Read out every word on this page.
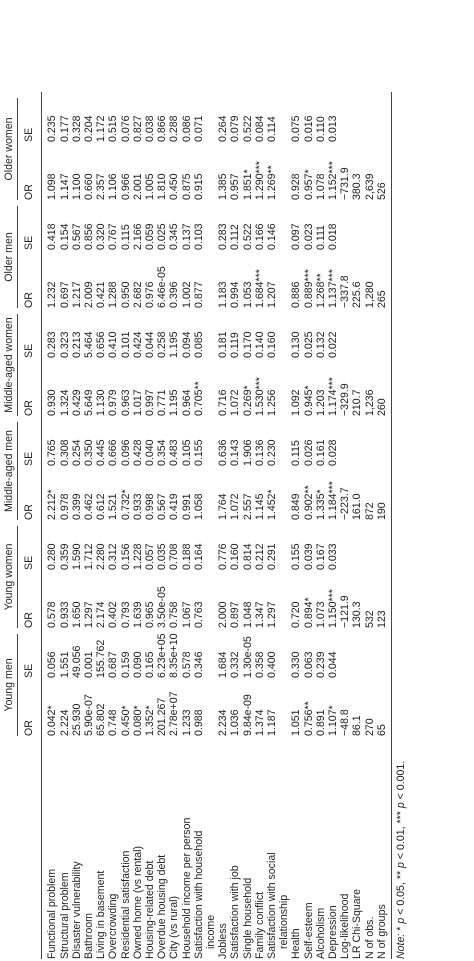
	Young men		Young women		Middle-aged men		Middle-aged women		Older men		Older women	

	OR	SE	OR	SE	OR	SE	OR	SE	OR	SE	OR	SE
Functional problem	0.042*	0.056	0.578	0.280	2.212*	0.765	0.930	0.283	1.232	0.418	1.098	0.235
Structural problem	2.224	1.551	0.933	0.359	0.978	0.308	1.324	0.323	0.697	0.154	1.147	0.177
Disaster vulnerability	25.930	49.056	1.650	1.590	0.399	0.254	0.429	0.213	1.217	0.567	1.100	0.328
Bathroom	5.90e-07	0.001	1.297	1.712	0.462	0.350	5.649	5.464	2.009	0.856	0.660	0.204
Living in basement	65.802	155.762	2.174	2.280	0.612	0.445	1.130	0.656	0.421	0.320	2.357	1.172
Overcrowding	0.748	0.687	0.402	0.312	1.521	0.666	0.979	0.410	1.288	0.767	1.106	0.515
Residential satisfaction	0.450*	0.159	0.793	0.156	0.732*	0.096	0.963	0.101	0.950	0.115	0.966	0.076
Owned home (vs rental)	0.080*	0.090	1.639	1.228	0.933	0.428	1.017	0.424	2.682	2.166	2.001	0.827
Housing-related debt	1.352*	0.165	0.965	0.057	0.998	0.040	0.997	0.044	0.976	0.059	1.005	0.038
Overdue housing debt	201.267	6.23e+05	3.50e-05	0.035	0.567	0.354	0.771	0.258	6.46e-05	0.025	1.810	0.866
City (vs rural)	2.78e+07	8.35e+10	0.758	0.708	0.419	0.483	1.195	1.195	0.396	0.345	0.450	0.288
Household income per person	1.233	0.578	1.067	0.188	0.991	0.105	0.964	0.094	1.002	0.137	0.875	0.086
Satisfaction with household	0.988	0.346	0.763	0.164	1.058	0.155	0.705**	0.085	0.877	0.103	0.915	0.071
income												
Jobless	2.234	1.684	2.000	0.776	1.764	0.636	0.716	0.181	1.183	0.283	1.385	0.264
Satisfaction with job	1.036	0.332	0.897	0.160	1.072	0.143	1.072	0.119	0.994	0.112	0.957	0.079
Single household	9.84e-09	1.30e-05	1.048	0.814	2.557	1.906	0.269*	0.170	1.053	0.522	1.851*	0.522
Family conflict	1.374	0.358	1.347	0.212	1.145	0.136	1.530***	0.140	1.684***	0.166	1.290***	0.084
Satisfaction with social	1.187	0.400	1.297	0.291	1.452*	0.230	1.256	0.160	1.207	0.146	1.269**	0.114
relationship												
Health	1.051	0.330	0.720	0.155	0.849	0.115	1.092	0.130	0.886	0.097	0.928	0.075
Self-esteem	0.756**	0.063	0.894*	0.039	0.902**	0.026	0.945*	0.025	0.889***	0.023	0.957*	0.016
Alcoholism	0.891	0.239	1.073	0.167	1.335*	0.161	1.203	0.132	1.268**	0.111	1.078	0.110
Depression	1.107*	0.044	1.150***	0.033	1.184***	0.028	1.174***	0.022	1.137***	0.018	1.152***	0.013
Log-likelihood	−48.8		−121.9		−223.7		−329.9		−337.8		−731.9	
LR Chi-Square	86.1		130.3		161.0		210.7		225.6		380.3	
N of obs.	270		532		872		1,236		1,280		2,639	
N of groups	65		123		190		260		265		526	
Note: * p < 0.05, ** p < 0.01, *** p < 0.001.
